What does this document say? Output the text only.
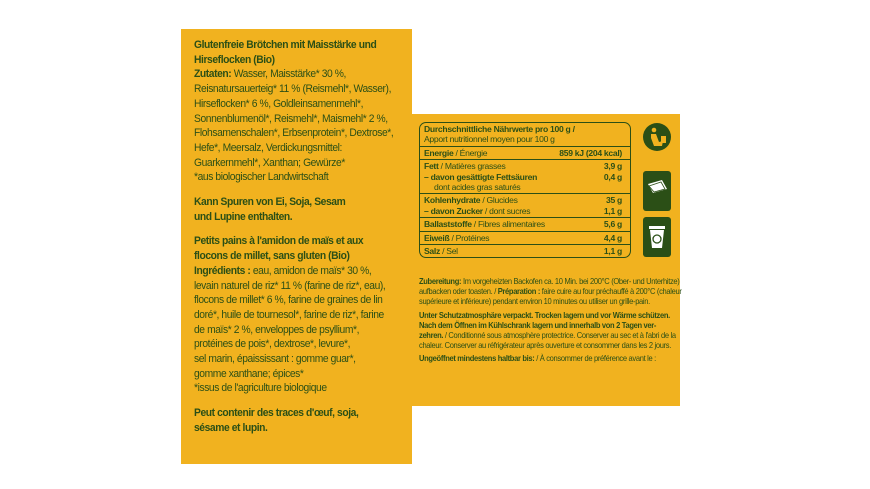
Glutenfreie Brötchen mit Maisstärke und
Hirseflocken (Bio)
Zutaten: Wasser, Maisstärke* 30 %,
Reisnatursauerteig* 11 % (Reismehl*, Wasser),
Hirseflocken* 6 %, Goldleinsamenmehl*,
Sonnenblumenöl*, Reismehl*, Maismehl* 2 %,
Flohsamenschalen*, Erbsenprotein*, Dextrose*,
Hefe*, Meersalz, Verdickungsmittel:
Guarkernmehl*, Xanthan; Gewürze*
*aus biologischer Landwirtschaft
Kann Spuren von Ei, Soja, Sesam
und Lupine enthalten.
Petits pains à l'amidon de maïs et aux
flocons de millet, sans gluten (Bio)
Ingrédients : eau, amidon de maïs* 30 %,
levain naturel de riz* 11 % (farine de riz*, eau),
flocons de millet* 6 %, farine de graines de lin
doré*, huile de tournesol*, farine de riz*, farine
de maïs* 2 %, enveloppes de psyllium*,
protéines de pois*, dextrose*, levure*,
sel marin, épaississant : gomme guar*,
gomme xanthane; épices*
*issus de l'agriculture biologique
Peut contenir des traces d'œuf, soja,
sésame et lupin.
Durchschnittliche Nährwerte pro 100 g /
Apport nutritionnel moyen pour 100 g
Energie / Énergie	859 kJ (204 kcal)
Fett / Matières grasses	3,9 g
– davon gesättigte Fettsäuren	0,4 g
dont acides gras saturés
Kohlenhydrate / Glucides	35 g
– davon Zucker / dont sucres	1,1 g
Ballaststoffe / Fibres alimentaires	5,6 g
Eiweiß / Protéines	4,4 g
Salz / Sel	1,1 g
Zubereitung: Im vorgeheizten Backofen ca. 10 Min. bei 200°C (Ober- und Unterhitze)
aufbacken oder toasten. / Préparation : faire cuire au four préchauffé à 200°C (chaleur
supérieure et inférieure) pendant environ 10 minutes ou utiliser un grille-pain.
Unter Schutzatmosphäre verpackt. Trocken lagern und vor Wärme schützen.
Nach dem Öffnen im Kühlschrank lagern und innerhalb von 2 Tagen ver-
zehren. / Conditionné sous atmosphère protectrice. Conserver au sec et à l'abri de la
chaleur. Conserver au réfrigérateur après ouverture et consommer dans les 2 jours.
Ungeöffnet mindestens haltbar bis: / À consommer de préférence avant le :
